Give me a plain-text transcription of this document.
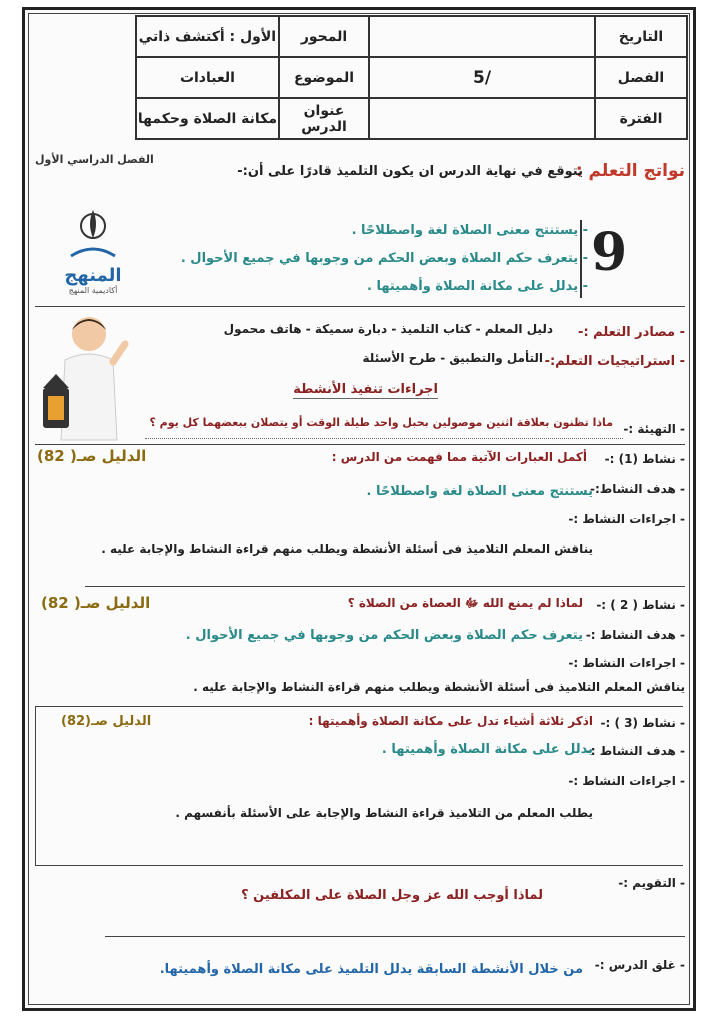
التاريخ		المحور	الأول : أكتشف ذاتي
الفصل	/5	الموضوع	العبادات
الفترة		عنوان الدرس	مكانة الصلاة وحكمها
الفصل الدراسي الأول
نواتج التعلم :
يتوقع في نهاية الدرس ان يكون التلميذ قادرًا على أن:-
9
- يستنتج معنى الصلاة لغة واصطلاحًا .
- يتعرف حكم الصلاة وبعض الحكم من وجوبها في جميع الأحوال .
- يدلل على مكانة الصلاة وأهميتها .
المنهج
أكاديمية المنهج
- مصادر التعلم :-
دليل المعلم - كتاب التلميذ - دبارة سميكة - هاتف محمول
- استراتيجيات التعلم:-
التأمل والتطبيق - طرح الأسئلة
اجراءات تنفيذ الأنشطة
- التهيئة :-
ماذا تظنون بعلاقة اثنين موصولين بحبل واحد طيلة الوقت أو يتصلان ببعضهما كل يوم ؟
- نشاط (1) :-
أكمل العبارات الآتية مما فهمت من الدرس :
الدليل صـ( 82)
- هدف النشاط:-
يستنتج معنى الصلاة لغة واصطلاحًا .
- اجراءات النشاط :-
يناقش المعلم التلاميذ فى أسئلة الأنشطة ويطلب منهم قراءة النشاط والإجابة عليه .
- نشاط ( 2 ) :-
لماذا لم يمنع الله ﷻ العصاة من الصلاة ؟
الدليل صـ( 82)
- هدف النشاط :-
يتعرف حكم الصلاة وبعض الحكم من وجوبها في جميع الأحوال .
- اجراءات النشاط :-
يناقش المعلم التلاميذ فى أسئلة الأنشطة ويطلب منهم قراءة النشاط والإجابة عليه .
- نشاط (3 ) :-
اذكر ثلاثة أشياء تدل على مكانة الصلاة وأهميتها :
الدليل صـ(82)
- هدف النشاط :-
يدلل على مكانة الصلاة وأهميتها .
- اجراءات النشاط :-
يطلب المعلم من التلاميذ قراءة النشاط والإجابة على الأسئلة بأنفسهم .
- التقويم :-
لماذا أوجب الله عز وجل الصلاة على المكلفين ؟
- غلق الدرس :-
من خلال الأنشطة السابقة يدلل التلميذ على مكانة الصلاة وأهميتها.
